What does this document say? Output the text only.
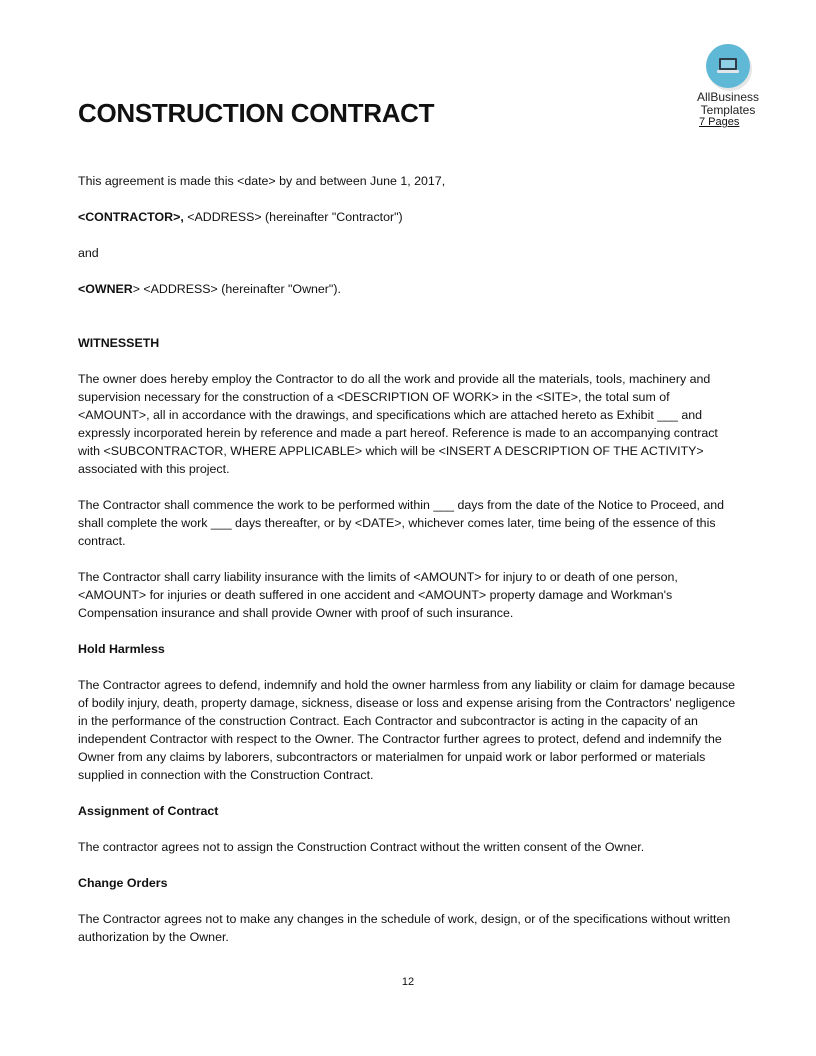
AllBusiness
Templates
7 Pages
CONSTRUCTION CONTRACT

This agreement is made this <date> by and between June 1, 2017,

<CONTRACTOR>, <ADDRESS> (hereinafter "Contractor")

and

<OWNER> <ADDRESS> (hereinafter "Owner").

WITNESSETH

The owner does hereby employ the Contractor to do all the work and provide all the materials, tools, machinery and supervision necessary for the construction of a <DESCRIPTION OF WORK> in the <SITE>, the total sum of <AMOUNT>, all in accordance with the drawings, and specifications which are attached hereto as Exhibit ___ and expressly incorporated herein by reference and made a part hereof. Reference is made to an accompanying contract with <SUBCONTRACTOR, WHERE APPLICABLE> which will be <INSERT A DESCRIPTION OF THE ACTIVITY> associated with this project.

The Contractor shall commence the work to be performed within ___ days from the date of the Notice to Proceed, and shall complete the work ___ days thereafter, or by <DATE>, whichever comes later, time being of the essence of this contract.

The Contractor shall carry liability insurance with the limits of <AMOUNT> for injury to or death of one person, <AMOUNT> for injuries or death suffered in one accident and <AMOUNT> property damage and Workman's Compensation insurance and shall provide Owner with proof of such insurance.

Hold Harmless

The Contractor agrees to defend, indemnify and hold the owner harmless from any liability or claim for damage because of bodily injury, death, property damage, sickness, disease or loss and expense arising from the Contractors' negligence in the performance of the construction Contract. Each Contractor and subcontractor is acting in the capacity of an independent Contractor with respect to the Owner. The Contractor further agrees to protect, defend and indemnify the Owner from any claims by laborers, subcontractors or materialmen for unpaid work or labor performed or materials supplied in connection with the Construction Contract.

Assignment of Contract

The contractor agrees not to assign the Construction Contract without the written consent of the Owner.

Change Orders

The Contractor agrees not to make any changes in the schedule of work, design, or of the specifications without written authorization by the Owner.

12
